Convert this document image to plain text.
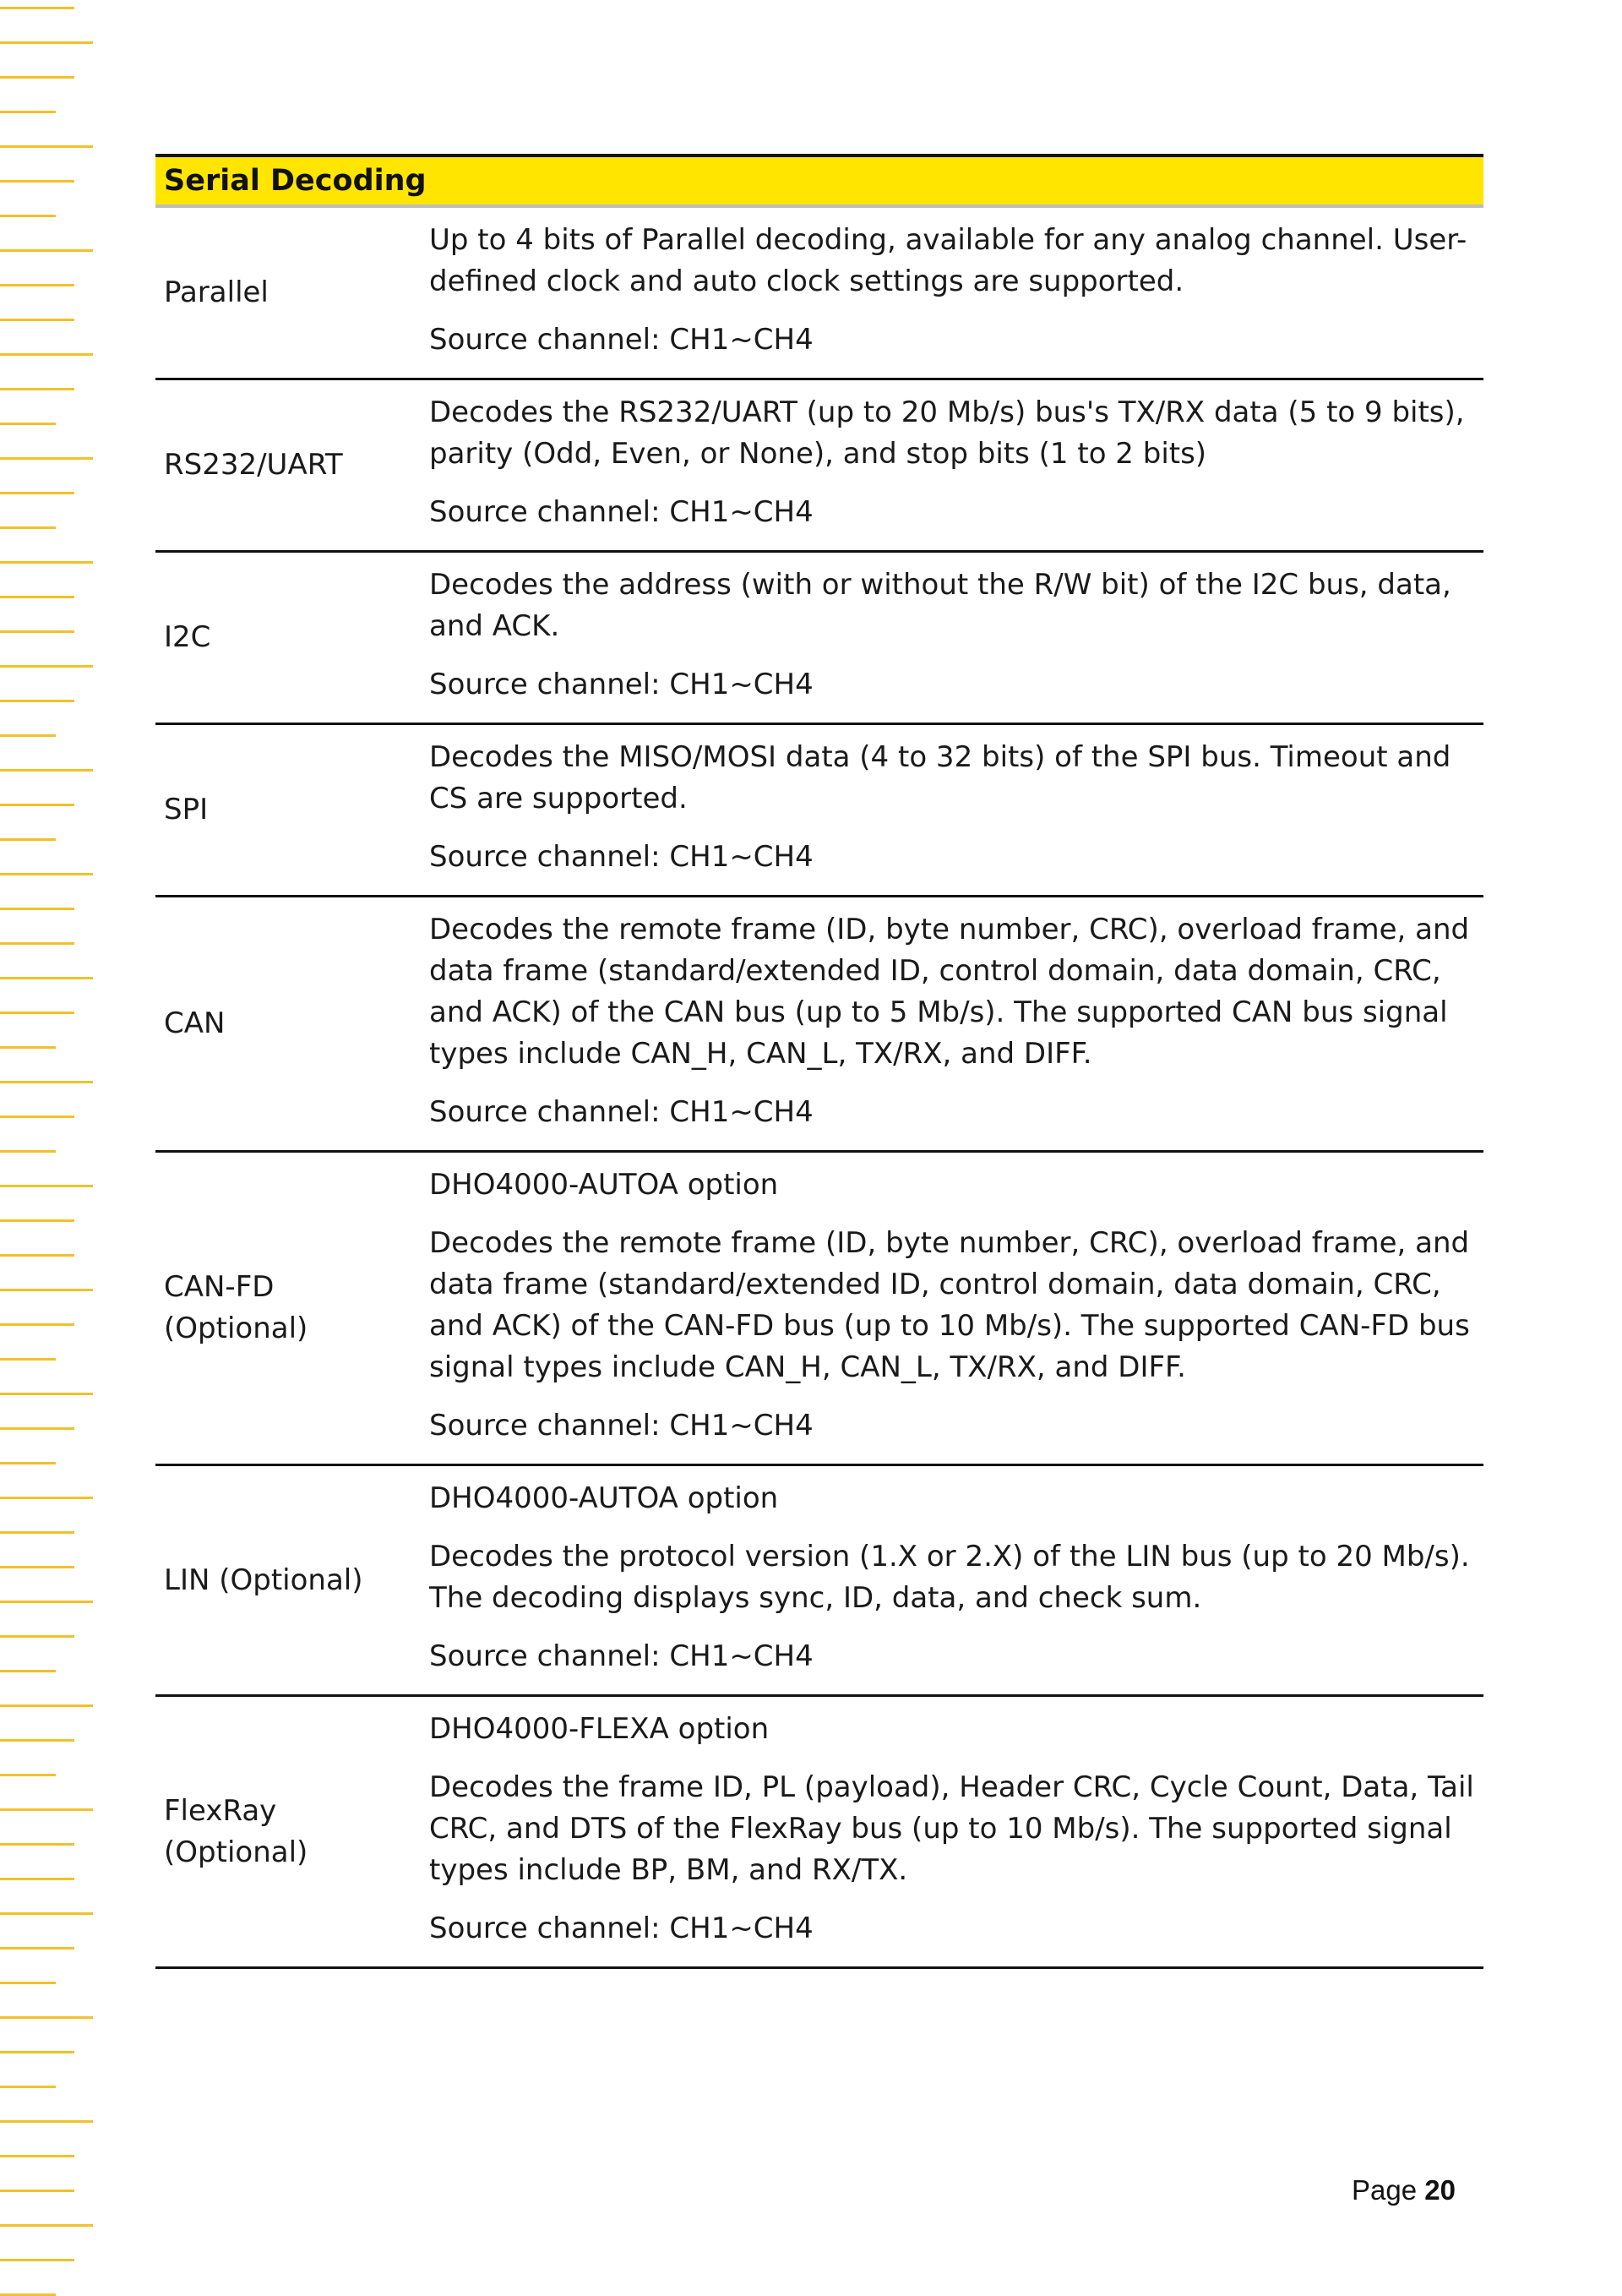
Serial Decoding	
Parallel	Up to 4 bits of Parallel decoding, available for any analog channel. User-defined clock and auto clock settings are supported.

Source channel: CH1~CH4

RS232/UART	Decodes the RS232/UART (up to 20 Mb/s) bus's TX/RX data (5 to 9 bits), parity (Odd, Even, or None), and stop bits (1 to 2 bits)

Source channel: CH1~CH4

I2C	Decodes the address (with or without the R/W bit) of the I2C bus, data, and ACK.

Source channel: CH1~CH4

SPI	Decodes the MISO/MOSI data (4 to 32 bits) of the SPI bus. Timeout and CS are supported.

Source channel: CH1~CH4

CAN	Decodes the remote frame (ID, byte number, CRC), overload frame, and data frame (standard/extended ID, control domain, data domain, CRC, and ACK) of the CAN bus (up to 5 Mb/s). The supported CAN bus signal types include CAN_H, CAN_L, TX/RX, and DIFF.

Source channel: CH1~CH4

CAN-FD (Optional)	DHO4000-AUTOA option

Decodes the remote frame (ID, byte number, CRC), overload frame, and data frame (standard/extended ID, control domain, data domain, CRC, and ACK) of the CAN-FD bus (up to 10 Mb/s). The supported CAN-FD bus signal types include CAN_H, CAN_L, TX/RX, and DIFF.

Source channel: CH1~CH4

LIN (Optional)	DHO4000-AUTOA option

Decodes the protocol version (1.X or 2.X) of the LIN bus (up to 20 Mb/s). The decoding displays sync, ID, data, and check sum.

Source channel: CH1~CH4

FlexRay (Optional)	DHO4000-FLEXA option

Decodes the frame ID, PL (payload), Header CRC, Cycle Count, Data, Tail CRC, and DTS of the FlexRay bus (up to 10 Mb/s). The supported signal types include BP, BM, and RX/TX.

Source channel: CH1~CH4

Page 20
